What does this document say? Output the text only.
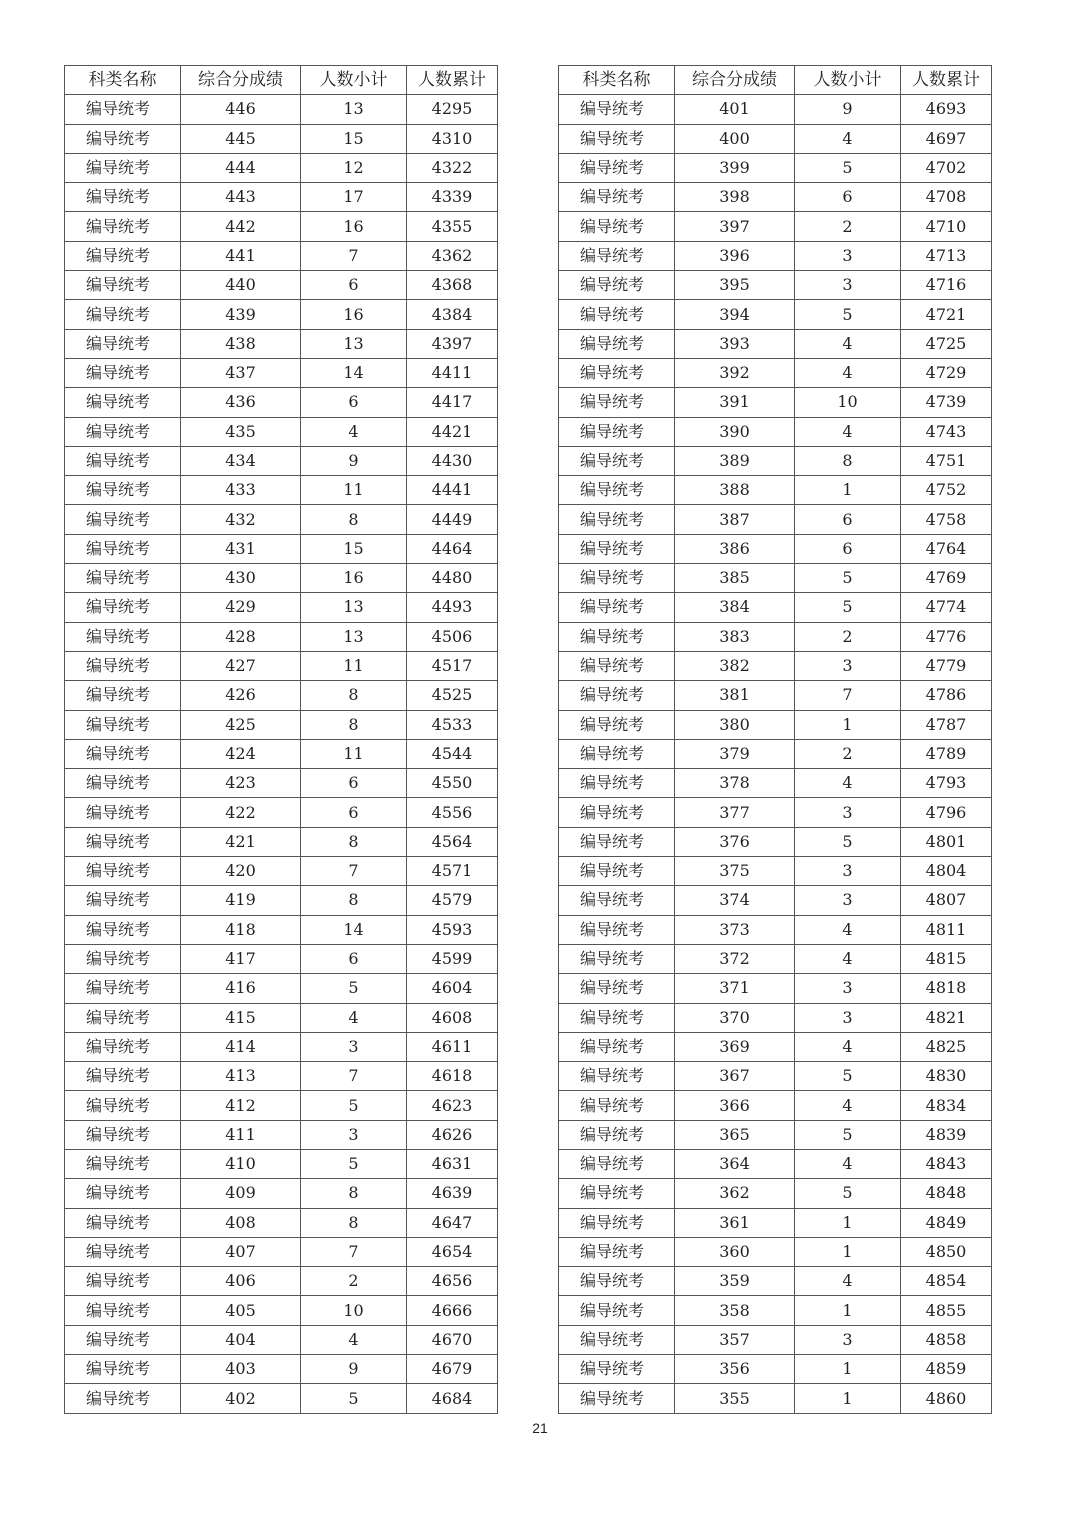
科类名称	综合分成绩	人数小计	人数累计
编导统考	446	13	4295
编导统考	445	15	4310
编导统考	444	12	4322
编导统考	443	17	4339
编导统考	442	16	4355
编导统考	441	7	4362
编导统考	440	6	4368
编导统考	439	16	4384
编导统考	438	13	4397
编导统考	437	14	4411
编导统考	436	6	4417
编导统考	435	4	4421
编导统考	434	9	4430
编导统考	433	11	4441
编导统考	432	8	4449
编导统考	431	15	4464
编导统考	430	16	4480
编导统考	429	13	4493
编导统考	428	13	4506
编导统考	427	11	4517
编导统考	426	8	4525
编导统考	425	8	4533
编导统考	424	11	4544
编导统考	423	6	4550
编导统考	422	6	4556
编导统考	421	8	4564
编导统考	420	7	4571
编导统考	419	8	4579
编导统考	418	14	4593
编导统考	417	6	4599
编导统考	416	5	4604
编导统考	415	4	4608
编导统考	414	3	4611
编导统考	413	7	4618
编导统考	412	5	4623
编导统考	411	3	4626
编导统考	410	5	4631
编导统考	409	8	4639
编导统考	408	8	4647
编导统考	407	7	4654
编导统考	406	2	4656
编导统考	405	10	4666
编导统考	404	4	4670
编导统考	403	9	4679
编导统考	402	5	4684
科类名称	综合分成绩	人数小计	人数累计
编导统考	401	9	4693
编导统考	400	4	4697
编导统考	399	5	4702
编导统考	398	6	4708
编导统考	397	2	4710
编导统考	396	3	4713
编导统考	395	3	4716
编导统考	394	5	4721
编导统考	393	4	4725
编导统考	392	4	4729
编导统考	391	10	4739
编导统考	390	4	4743
编导统考	389	8	4751
编导统考	388	1	4752
编导统考	387	6	4758
编导统考	386	6	4764
编导统考	385	5	4769
编导统考	384	5	4774
编导统考	383	2	4776
编导统考	382	3	4779
编导统考	381	7	4786
编导统考	380	1	4787
编导统考	379	2	4789
编导统考	378	4	4793
编导统考	377	3	4796
编导统考	376	5	4801
编导统考	375	3	4804
编导统考	374	3	4807
编导统考	373	4	4811
编导统考	372	4	4815
编导统考	371	3	4818
编导统考	370	3	4821
编导统考	369	4	4825
编导统考	367	5	4830
编导统考	366	4	4834
编导统考	365	5	4839
编导统考	364	4	4843
编导统考	362	5	4848
编导统考	361	1	4849
编导统考	360	1	4850
编导统考	359	4	4854
编导统考	358	1	4855
编导统考	357	3	4858
编导统考	356	1	4859
编导统考	355	1	4860
21
